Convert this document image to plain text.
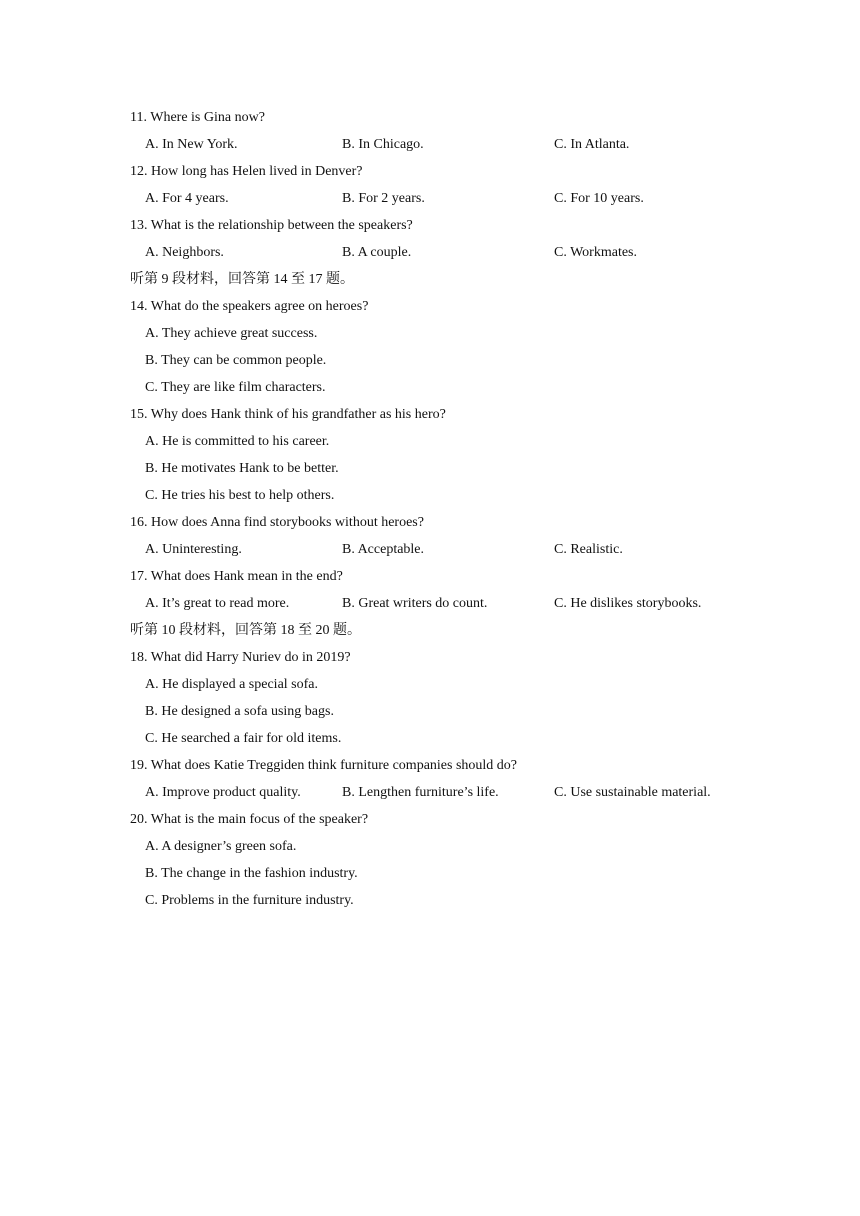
11. Where is Gina now?
A. In New York.	B. In Chicago.	C. In Atlanta.
12. How long has Helen lived in Denver?
A. For 4 years.	B. For 2 years.	C. For 10 years.
13. What is the relationship between the speakers?
A. Neighbors.	B. A couple.	C. Workmates.
听第 9 段材料，回答第 14 至 17 题。
14. What do the speakers agree on heroes?
A. They achieve great success.
B. They can be common people.
C. They are like film characters.
15. Why does Hank think of his grandfather as his hero?
A. He is committed to his career.
B. He motivates Hank to be better.
C. He tries his best to help others.
16. How does Anna find storybooks without heroes?
A. Uninteresting.	B. Acceptable.	C. Realistic.
17. What does Hank mean in the end?
A. It’s great to read more.	B. Great writers do count.	C. He dislikes storybooks.
听第 10 段材料，回答第 18 至 20 题。
18. What did Harry Nuriev do in 2019?
A. He displayed a special sofa.
B. He designed a sofa using bags.
C. He searched a fair for old items.
19. What does Katie Treggiden think furniture companies should do?
A. Improve product quality.	B. Lengthen furniture’s life.	C. Use sustainable material.
20. What is the main focus of the speaker?
A. A designer’s green sofa.
B. The change in the fashion industry.
C. Problems in the furniture industry.
